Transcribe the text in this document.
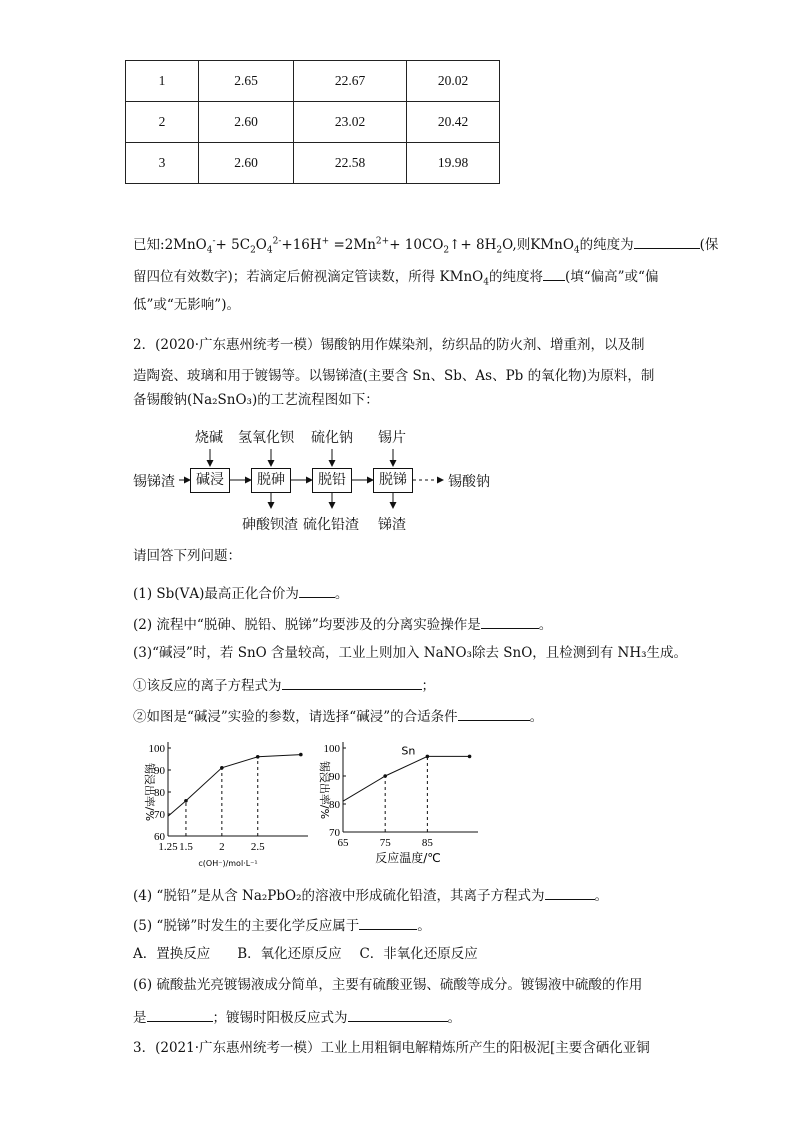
1	2.65	22.67	20.02
2	2.60	23.02	20.42
3	2.60	22.58	19.98
已知:2MnO$_4$-+ $5C_2O_4^{2-}+16H^+ =2Mn^{2+}+$ $10CO_2↑+ 8H_2O$,则KMnO$_4$的纯度为	(保
留四位有效数字)；若滴定后俯视滴定管读数，所得 KMnO$_4$的纯度将 (填“偏高”或“偏
低”或“无影响”)。
2．(2020·广东惠州统考一模）锡酸钠用作媒染剂，纺织品的防火剂、增重剂，以及制
造陶瓷、玻璃和用于镀锡等。以锡锑渣(主要含 Sn、Sb、As、Pb 的氧化物)为原料，制
备锡酸钠(Na₂SnO₃)的工艺流程图如下：
锡锑渣	碱浸	脱砷	脱铅	脱锑	锡酸钠
烧碱 氢氧化钡 硫化钠 锡片
砷酸钡渣 硫化铅渣 锑渣
请回答下列问题：
(1) Sb(ⅤA)最高正化合价为	。
(2) 流程中“脱砷、脱铅、脱锑”均要涉及的分离实验操作是	。
(3)“碱浸”时，若 SnO 含量较高，工业上则加入 NaNO₃除去 SnO，且检测到有 NH₃生成。
①该反应的离子方程式为	；
②如图是“碱浸”实验的参数，请选择“碱浸”的合适条件	。
60
70
80
90
100
1.25 1.5 2 2.5
锡浸出率/%
c(OH⁻)/mol·L⁻¹
70
80
90
100
65	75	85
锡浸出率/%
反应温度/℃
Sn
(4) “脱铅”是从含 Na₂PbO₂的溶液中形成硫化铅渣，其离子方程式为	。
(5) “脱锑”时发生的主要化学反应属于	。
A．置换反应　　B．氧化还原反应　 C．非氧化还原反应
(6) 硫酸盐光亮镀锡液成分简单，主要有硫酸亚锡、硫酸等成分。镀锡液中硫酸的作用
是	；镀锡时阳极反应式为	。
3．(2021·广东惠州统考一模）工业上用粗铜电解精炼所产生的阳极泥[主要含硒化亚铜
